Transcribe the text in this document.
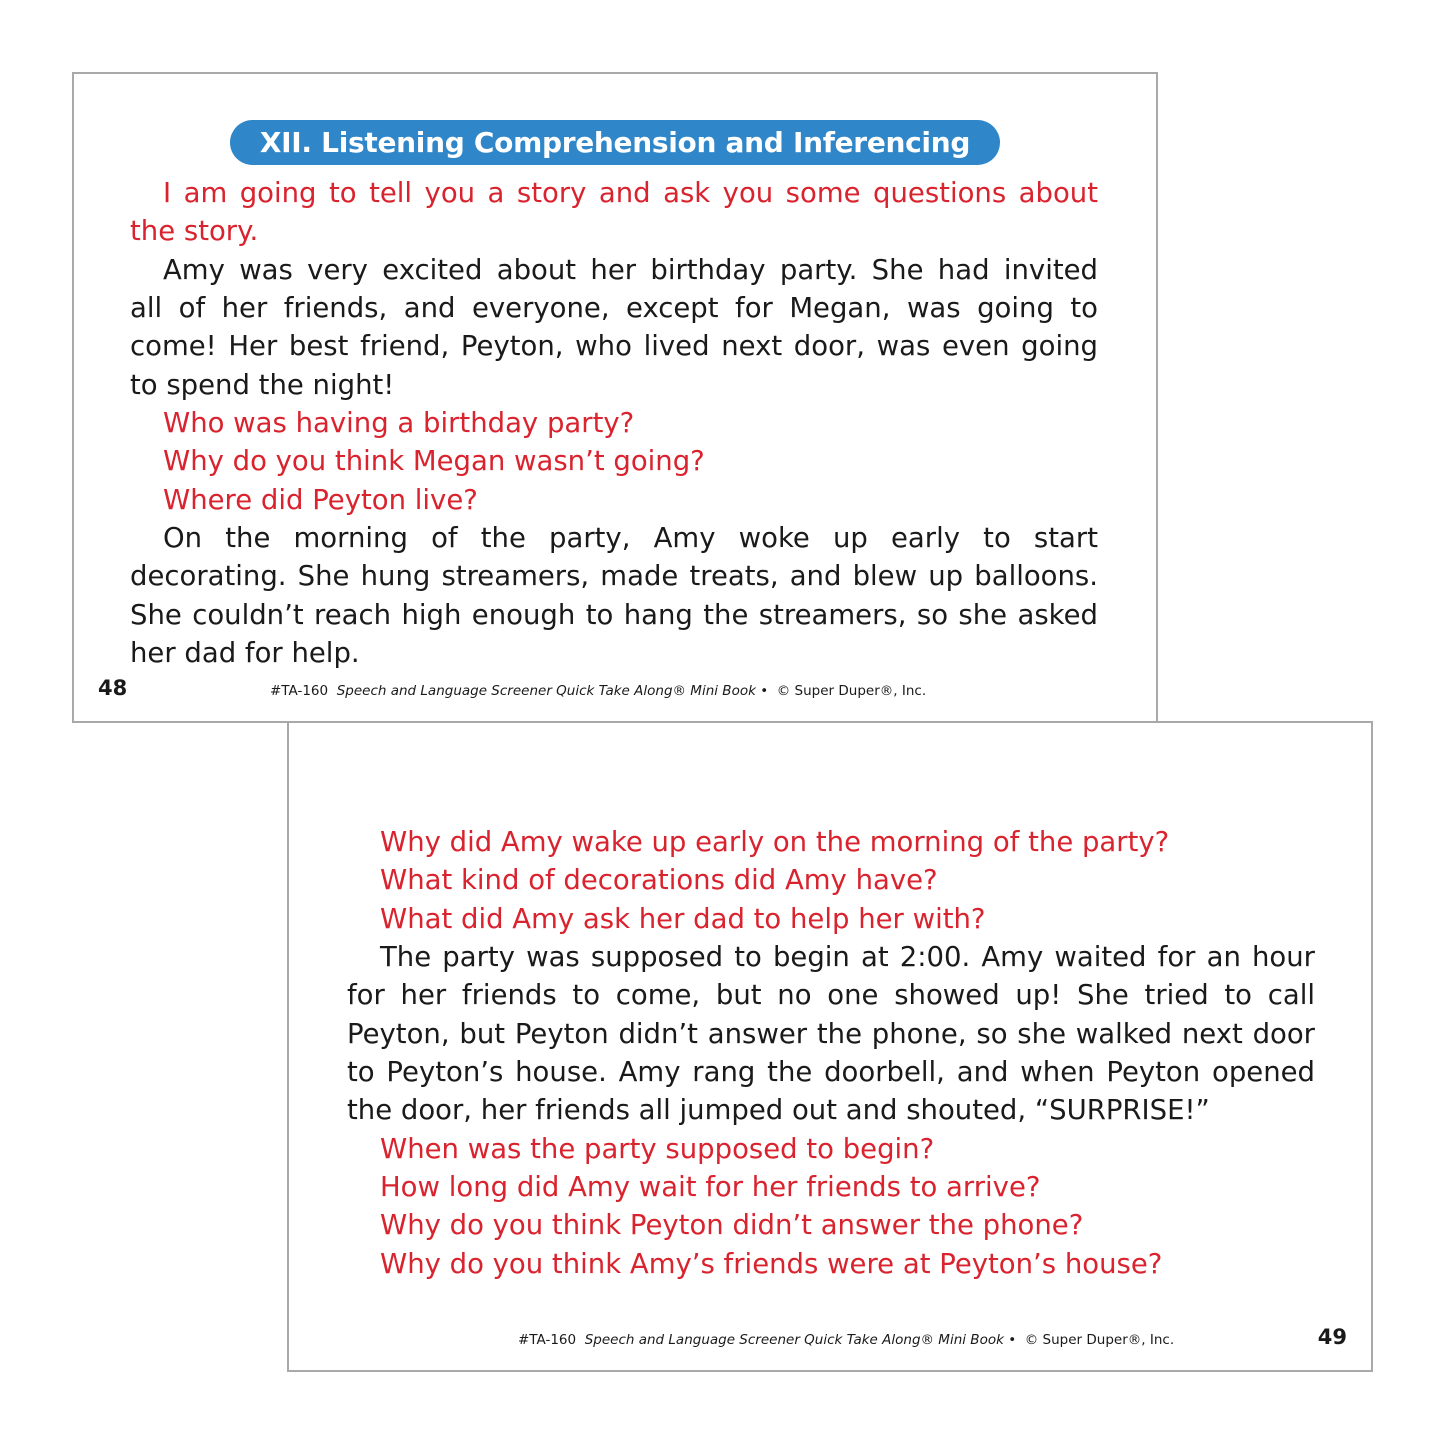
XII. Listening Comprehension and Inferencing
I am going to tell you a story and ask you some questions about
the story.
Amy was very excited about her birthday party. She had invited
all of her friends, and everyone, except for Megan, was going to
come! Her best friend, Peyton, who lived next door, was even going
to spend the night!
Who was having a birthday party?
Why do you think Megan wasn’t going?
Where did Peyton live?
On the morning of the party, Amy woke up early to start
decorating. She hung streamers, made treats, and blew up balloons.
She couldn’t reach high enough to hang the streamers, so she asked
her dad for help.
48	#TA-160 Speech and Language Screener Quick Take Along® Mini Book • © Super Duper®, Inc.
Why did Amy wake up early on the morning of the party?
What kind of decorations did Amy have?
What did Amy ask her dad to help her with?
The party was supposed to begin at 2:00. Amy waited for an hour
for her friends to come, but no one showed up! She tried to call
Peyton, but Peyton didn’t answer the phone, so she walked next door
to Peyton’s house. Amy rang the doorbell, and when Peyton opened
the door, her friends all jumped out and shouted, “SURPRISE!”
When was the party supposed to begin?
How long did Amy wait for her friends to arrive?
Why do you think Peyton didn’t answer the phone?
Why do you think Amy’s friends were at Peyton’s house?
#TA-160 Speech and Language Screener Quick Take Along® Mini Book • © Super Duper®, Inc.	49
